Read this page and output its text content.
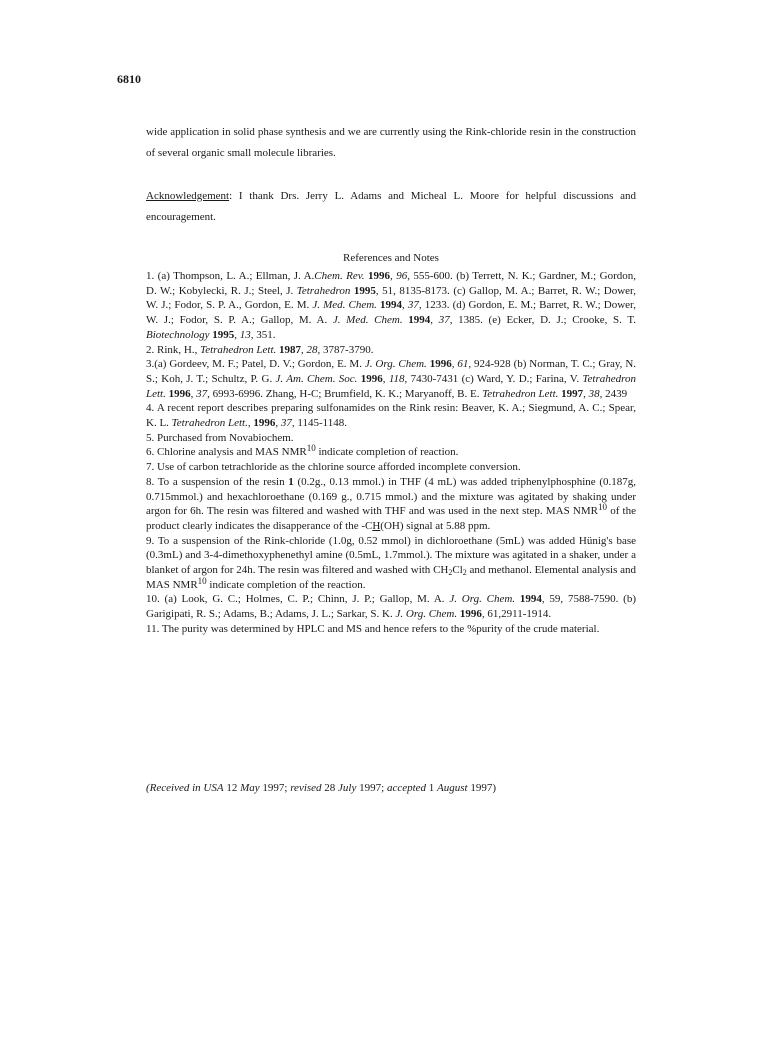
6810
wide application in solid phase synthesis and we are currently using the Rink-chloride resin in the construction of several organic small molecule libraries.
Acknowledgement: I thank Drs. Jerry L. Adams and Micheal L. Moore for helpful discussions and encouragement.
References and Notes
1. (a) Thompson, L. A.; Ellman, J. A.Chem. Rev. 1996, 96, 555-600. (b) Terrett, N. K.; Gardner, M.; Gordon, D. W.; Kobylecki, R. J.; Steel, J. Tetrahedron 1995, 51, 8135-8173. (c) Gallop, M. A.; Barret, R. W.; Dower, W. J.; Fodor, S. P. A., Gordon, E. M. J. Med. Chem. 1994, 37, 1233. (d) Gordon, E. M.; Barret, R. W.; Dower, W. J.; Fodor, S. P. A.; Gallop, M. A. J. Med. Chem. 1994, 37, 1385. (e) Ecker, D. J.; Crooke, S. T. Biotechnology 1995, 13, 351.
2. Rink, H., Tetrahedron Lett. 1987, 28, 3787-3790.
3.(a) Gordeev, M. F.; Patel, D. V.; Gordon, E. M. J. Org. Chem. 1996, 61, 924-928 (b) Norman, T. C.; Gray, N. S.; Koh, J. T.; Schultz, P. G. J. Am. Chem. Soc. 1996, 118, 7430-7431 (c) Ward, Y. D.; Farina, V. Tetrahedron Lett. 1996, 37, 6993-6996. Zhang, H-C; Brumfield, K. K.; Maryanoff, B. E. Tetrahedron Lett. 1997, 38, 2439
4. A recent report describes preparing sulfonamides on the Rink resin: Beaver, K. A.; Siegmund, A. C.; Spear, K. L. Tetrahedron Lett., 1996, 37, 1145-1148.
5. Purchased from Novabiochem.
6. Chlorine analysis and MAS NMR$^{10}$ indicate completion of reaction.
7. Use of carbon tetrachloride as the chlorine source afforded incomplete conversion.
8. To a suspension of the resin 1 (0.2g., 0.13 mmol.) in THF (4 mL) was added triphenylphosphine (0.187g, 0.715mmol.) and hexachloroethane (0.169 g., 0.715 mmol.) and the mixture was agitated by shaking under argon for 6h. The resin was filtered and washed with THF and was used in the next step. MAS NMR$^{10}$ of the product clearly indicates the disapperance of the -CH(OH) signal at 5.88 ppm.
9. To a suspension of the Rink-chloride (1.0g, 0.52 mmol) in dichloroethane (5mL) was added Hünig's base (0.3mL) and 3-4-dimethoxyphenethyl amine (0.5mL, 1.7mmol.). The mixture was agitated in a shaker, under a blanket of argon for 24h. The resin was filtered and washed with $CH_2Cl_2$ and methanol. Elemental analysis and MAS NMR$^{10}$ indicate completion of the reaction.
10. (a) Look, G. C.; Holmes, C. P.; Chinn, J. P.; Gallop, M. A. J. Org. Chem. 1994, 59, 7588-7590. (b) Garigipati, R. S.; Adams, B.; Adams, J. L.; Sarkar, S. K. J. Org. Chem. 1996, 61,2911-1914.
11. The purity was determined by HPLC and MS and hence refers to the %purity of the crude material.
(Received in USA 12 May 1997; revised 28 July 1997; accepted 1 August 1997)
